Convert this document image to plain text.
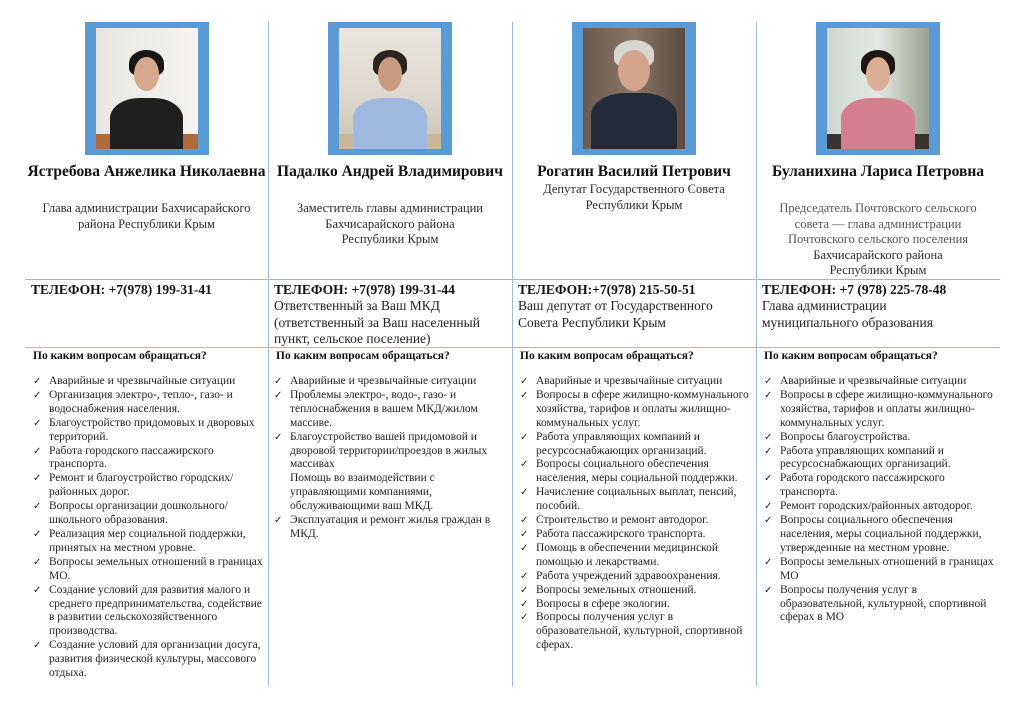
Ястребова Анжелика Николаевна
Глава администрации Бахчисарайского
района Республики Крым
ТЕЛЕФОН: +7(978) 199-31-41
По каким вопросам обращаться?
✓ Аварийные и чрезвычайные ситуации
✓ Организация электро-, тепло-, газо- и водоснабжения населения.
✓ Благоустройство придомовых и дворовых территорий.
✓ Работа городского пассажирского транспорта.
✓ Ремонт и благоустройство городских/районных дорог.
✓ Вопросы организации дошкольного/школьного образования.
✓ Реализация мер социальной поддержки, принятых на местном уровне.
✓ Вопросы земельных отношений в границах МО.
✓ Создание условий для развития малого и среднего предпринимательства, содействие в развитии сельскохозяйственного производства.
✓ Создание условий для организации досуга, развития физической культуры, массового отдыха.
Падалко Андрей Владимирович
Заместитель главы администрации
Бахчисарайского района
Республики Крым
ТЕЛЕФОН: +7(978) 199-31-44
Ответственный за Ваш МКД
(ответственный за Ваш населенный
пункт, сельское поселение)
По каким вопросам обращаться?
✓ Аварийные и чрезвычайные ситуации
✓ Проблемы электро-, водо-, газо- и теплоснабжения в вашем МКД/жилом массиве.
✓ Благоустройство вашей придомовой и дворовой территории/проездов в жилых массивах
Помощь во взаимодействии с управляющими компаниями, обслуживающими ваш МКД.
✓ Эксплуатация и ремонт жилья граждан в МКД.
Рогатин Василий Петрович
Депутат Государственного Совета
Республики Крым
ТЕЛЕФОН:+7(978) 215-50-51
Ваш депутат от Государственного
Совета Республики Крым
По каким вопросам обращаться?
✓ Аварийные и чрезвычайные ситуации
✓ Вопросы в сфере жилищно-коммунального хозяйства, тарифов и оплаты жилищно-коммунальных услуг.
✓ Работа управляющих компаний и ресурсоснабжающих организаций.
✓ Вопросы социального обеспечения населения, меры социальной поддержки.
✓ Начисление социальных выплат, пенсий, пособий.
✓ Строительство и ремонт автодорог.
✓ Работа пассажирского транспорта.
✓ Помощь в обеспечении медицинской помощью и лекарствами.
✓ Работа учреждений здравоохранения.
✓ Вопросы земельных отношений.
✓ Вопросы в сфере экологии.
✓ Вопросы получения услуг в образовательной, культурной, спортивной сферах.
Буланихина Лариса Петровна
Председатель Почтовского сельского
совета — глава администрации
Почтовского сельского поселения
Бахчисарайского района
Республики Крым
ТЕЛЕФОН: +7 (978) 225-78-48
Глава администрации
муниципального образования
По каким вопросам обращаться?
✓ Аварийные и чрезвычайные ситуации
✓ Вопросы в сфере жилищно-коммунального хозяйства, тарифов и оплаты жилищно-коммунальных услуг.
✓ Вопросы благоустройства.
✓ Работа управляющих компаний и ресурсоснабжающих организаций.
✓ Работа городского пассажирского транспорта.
✓ Ремонт городских/районных автодорог.
✓ Вопросы социального обеспечения населения, меры социальной поддержки, утвержденные на местном уровне.
✓ Вопросы земельных отношений в границах МО
✓ Вопросы получения услуг в образовательной, культурной, спортивной сферах в МО
